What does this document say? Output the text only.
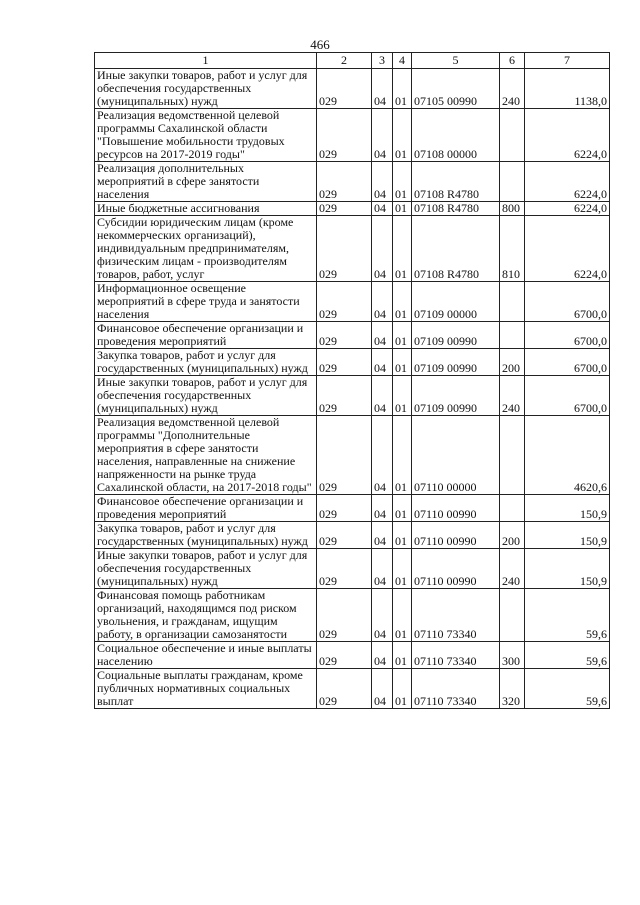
466
1	2	3	4	5	6	7
Иные закупки товаров, работ и услуг для обеспечения государственных (муниципальных) нужд	029	04	01	07105 00990	240	1138,0
Реализация ведомственной целевой программы Сахалинской области "Повышение мобильности трудовых ресурсов на 2017-2019 годы"	029	04	01	07108 00000		6224,0
Реализация дополнительных мероприятий в сфере занятости населения	029	04	01	07108 R4780		6224,0
Иные бюджетные ассигнования	029	04	01	07108 R4780	800	6224,0
Субсидии юридическим лицам (кроме некоммерческих организаций), индивидуальным предпринимателям, физическим лицам - производителям товаров, работ, услуг	029	04	01	07108 R4780	810	6224,0
Информационное освещение мероприятий в сфере труда и занятости населения	029	04	01	07109 00000		6700,0
Финансовое обеспечение организации и проведения мероприятий	029	04	01	07109 00990		6700,0
Закупка товаров, работ и услуг для государственных (муниципальных) нужд	029	04	01	07109 00990	200	6700,0
Иные закупки товаров, работ и услуг для обеспечения государственных (муниципальных) нужд	029	04	01	07109 00990	240	6700,0
Реализация ведомственной целевой программы "Дополнительные мероприятия в сфере занятости населения, направленные на снижение напряженности на рынке труда Сахалинской области, на 2017-2018 годы"	029	04	01	07110 00000		4620,6
Финансовое обеспечение организации и проведения мероприятий	029	04	01	07110 00990		150,9
Закупка товаров, работ и услуг для государственных (муниципальных) нужд	029	04	01	07110 00990	200	150,9
Иные закупки товаров, работ и услуг для обеспечения государственных (муниципальных) нужд	029	04	01	07110 00990	240	150,9
Финансовая помощь работникам организаций, находящимся под риском увольнения, и гражданам, ищущим работу, в организации самозанятости	029	04	01	07110 73340		59,6
Социальное обеспечение и иные выплаты населению	029	04	01	07110 73340	300	59,6
Социальные выплаты гражданам, кроме публичных нормативных социальных выплат	029	04	01	07110 73340	320	59,6
